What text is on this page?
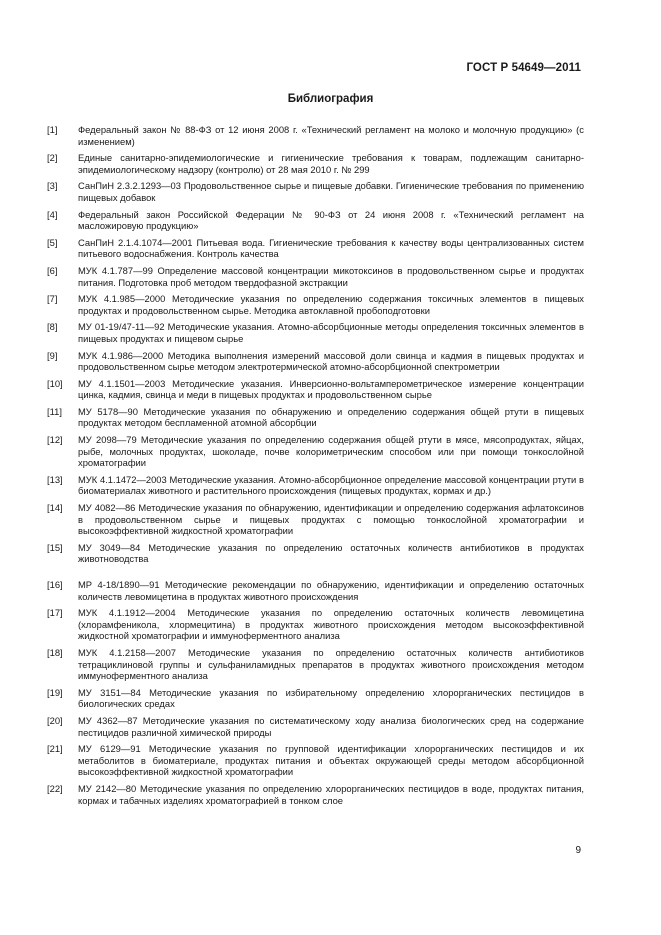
ГОСТ Р 54649—2011
Библиография
[1]	Федеральный закон № 88-ФЗ от 12 июня 2008 г. «Технический регламент на молоко и молочную продукцию» (с изменением)
[2]	Единые санитарно-эпидемиологические и гигиенические требования к товарам, подлежащим санитарно-эпидемиологическому надзору (контролю) от 28 мая 2010 г. № 299
[3]	СанПиН 2.3.2.1293—03 Продовольственное сырье и пищевые добавки. Гигиенические требования по применению пищевых добавок
[4]	Федеральный закон Российской Федерации № 90-ФЗ от 24 июня 2008 г. «Технический регламент на масложировую продукцию»
[5]	СанПиН 2.1.4.1074—2001 Питьевая вода. Гигиенические требования к качеству воды централизованных систем питьевого водоснабжения. Контроль качества
[6]	МУК 4.1.787—99 Определение массовой концентрации микотоксинов в продовольственном сырье и продуктах питания. Подготовка проб методом твердофазной экстракции
[7]	МУК 4.1.985—2000 Методические указания по определению содержания токсичных элементов в пищевых продуктах и продовольственном сырье. Методика автоклавной пробоподготовки
[8]	МУ 01-19/47-11—92 Методические указания. Атомно-абсорбционные методы определения токсичных элементов в пищевых продуктах и пищевом сырье
[9]	МУК 4.1.986—2000 Методика выполнения измерений массовой доли свинца и кадмия в пищевых продуктах и продовольственном сырье методом электротермической атомно-абсорбционной спектрометрии
[10]	МУ 4.1.1501—2003 Методические указания. Инверсионно-вольтамперометрическое измерение концентрации цинка, кадмия, свинца и меди в пищевых продуктах и продовольственном сырье
[11]	МУ 5178—90 Методические указания по обнаружению и определению содержания общей ртути в пищевых продуктах методом беспламенной атомной абсорбции
[12]	МУ 2098—79 Методические указания по определению содержания общей ртути в мясе, мясопродуктах, яйцах, рыбе, молочных продуктах, шоколаде, почве колориметрическим способом или при помощи тонкослойной хроматографии
[13]	МУК 4.1.1472—2003 Методические указания. Атомно-абсорбционное определение массовой концентрации ртути в биоматериалах животного и растительного происхождения (пищевых продуктах, кормах и др.)
[14]	МУ 4082—86 Методические указания по обнаружению, идентификации и определению содержания афлатоксинов в продовольственном сырье и пищевых продуктах с помощью тонкослойной хроматографии и высокоэффективной жидкостной хроматографии
[15]	МУ 3049—84 Методические указания по определению остаточных количеств антибиотиков в продуктах животноводства
[16]	МР 4-18/1890—91 Методические рекомендации по обнаружению, идентификации и определению остаточных количеств левомицетина в продуктах животного происхождения
[17]	МУК 4.1.1912—2004 Методические указания по определению остаточных количеств левомицетина (хлорамфениколa, хлормецитина) в продуктах животного происхождения методом высокоэффективной жидкостной хроматографии и иммуноферментного анализа
[18]	МУК 4.1.2158—2007 Методические указания по определению остаточных количеств антибиотиков тетрациклиновой группы и сульфаниламидных препаратов в продуктах животного происхождения методом иммуноферментного анализа
[19]	МУ 3151—84 Методические указания по избирательному определению хлорорганических пестицидов в биологических средах
[20]	МУ 4362—87 Методические указания по систематическому ходу анализа биологических сред на содержание пестицидов различной химической природы
[21]	МУ 6129—91 Методические указания по групповой идентификации хлорорганических пестицидов и их метаболитов в биоматериале, продуктах питания и объектах окружающей среды методом абсорбционной высокоэффективной жидкостной хроматографии
[22]	МУ 2142—80 Методические указания по определению хлорорганических пестицидов в воде, продуктах питания, кормах и табачных изделиях хроматографией в тонком слое
9
